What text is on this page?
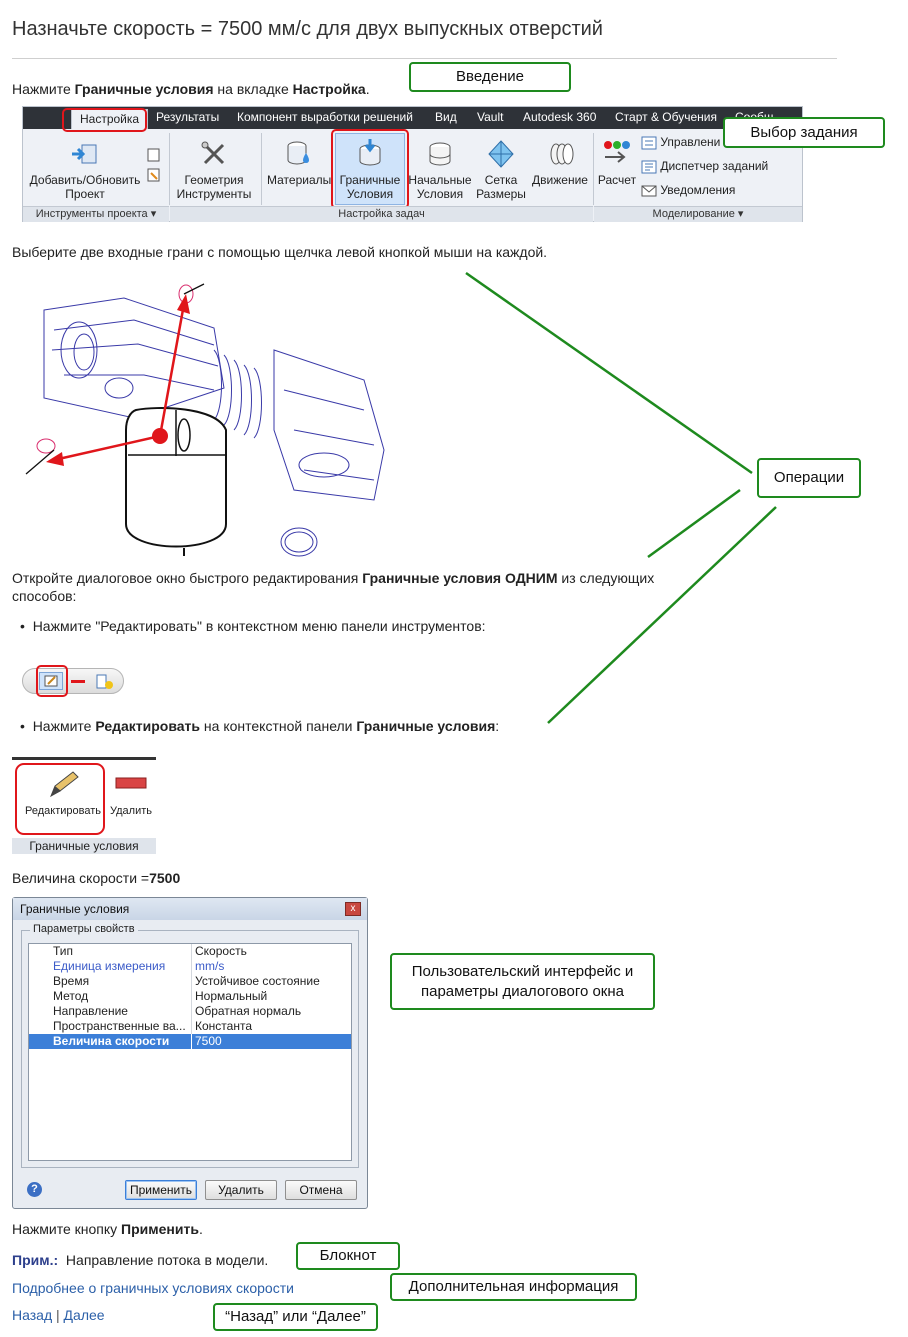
Назначьте скорость = 7500 мм/с для двух выпускных отверстий
Нажмите Граничные условия на вкладке Настройка.
Настройка	Результаты Компонент выработки решений Вид Vault Autodesk 360 Старт & Обучения
Добавить/Обновить
Проект
Геометрия
Инструменты
Материалы Граничные
Условия
Начальные
Условия
Сетка
Размеры
Движение Расчет
Управлени
Диспетчер заданий
Уведомления
Инструменты проекта ▾	Настройка задач	Моделирование ▾
Выберите две входные грани с помощью щелчка левой кнопкой мыши на каждой.
Откройте диалоговое окно быстрого редактирования Граничные условия ОДНИМ из следующих
способов:
•  Нажмите "Редактировать" в контекстном меню панели инструментов:
•  Нажмите Редактировать на контекстной панели Граничные условия:
Редактировать Удалить
Граничные условия
Величина скорости =7500
Граничные условия	x
Параметры свойств
Тип	Скорость
Единица измерения	mm/s
Время	Устойчивое состояние
Метод	Нормальный
Направление	Обратная нормаль
Пространственные ва... Константа
Величина скорости	7500
?	Применить	Удалить	Отмена
Нажмите кнопку Применить.
Прим.: Направление потока в модели.
Подробнее о граничных условиях скорости
Назад | Далее
Введение
Выбор задания
Операции
Пользовательский интерфейс и
параметры диалогового окна
Блокнот
Дополнительная информация
“Назад” или “Далее”
